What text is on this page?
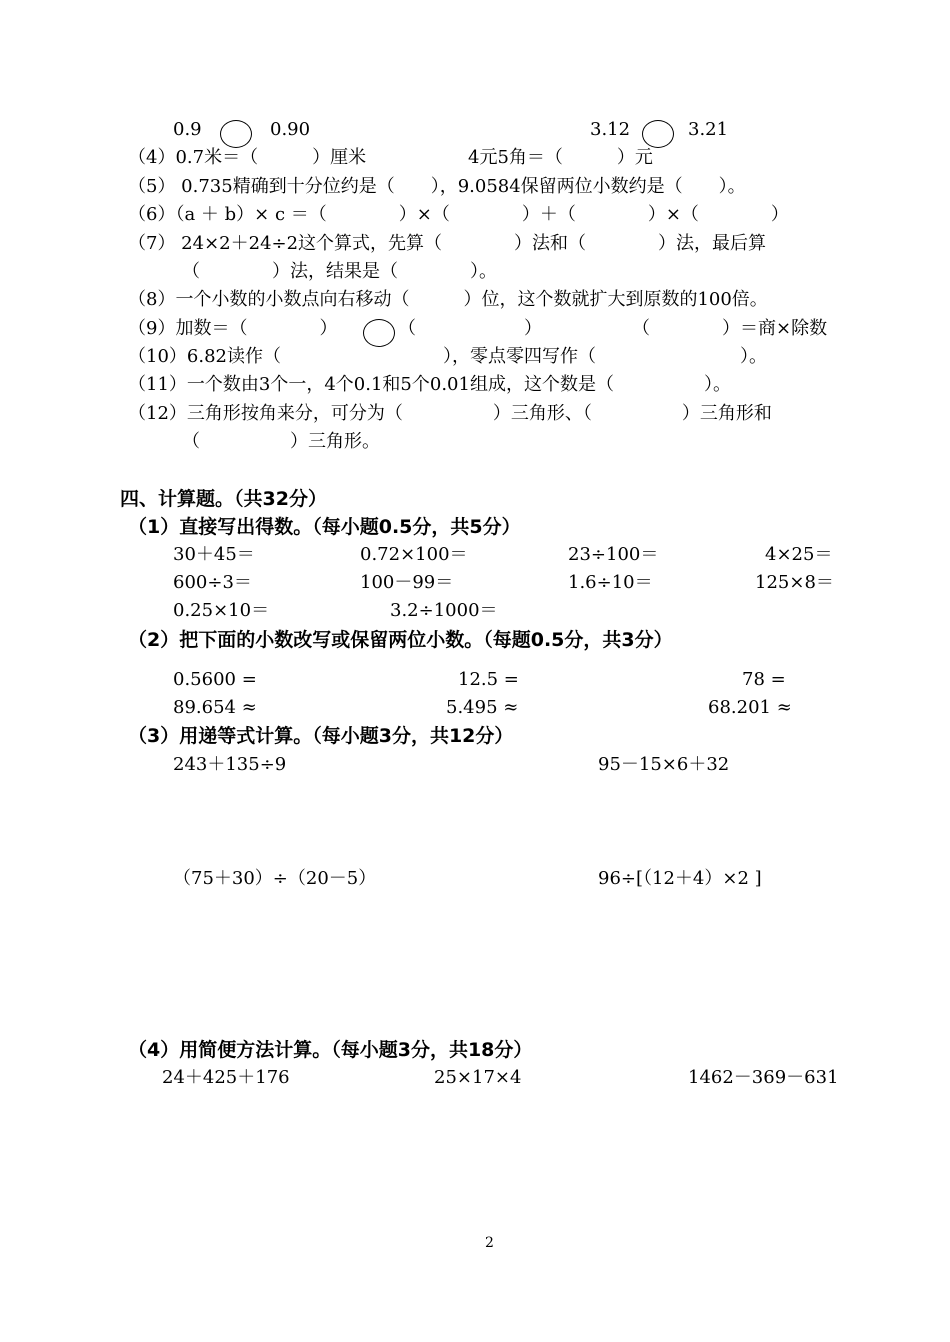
0.9	0.90	3.12	3.21
（4）0.7米＝（　　　）厘米	4元5角＝（　　　）元
（5） 0.735精确到十分位约是（　　），9.0584保留两位小数约是（　　）。
（6）（a ＋ b）× c ＝（　　　　）×（　　　　）＋（　　　　）×（　　　　）
（7） 24×2＋24÷2这个算式，先算（　　　　）法和（　　　　）法，最后算
（　　　　）法，结果是（　　　　）。
（8）一个小数的小数点向右移动（　　　）位，这个数就扩大到原数的100倍。
（9）加数＝（　　　　）	（　　　　　　）	（　　　　）＝商×除数
（10）6.82读作（　　　　　　　　　），零点零四写作（　　　　　　　　）。
（11）一个数由3个一，4个0.1和5个0.01组成，这个数是（　　　　　）。
（12）三角形按角来分，可分为（　　　　　）三角形、（　　　　　）三角形和
（　　　　　）三角形。
四、计算题。（共32分）
（1）直接写出得数。（每小题0.5分，共5分）
30＋45＝	0.72×100＝	23÷100＝	4×25＝
600÷3＝	100－99＝	1.6÷10＝	125×8＝
0.25×10＝	3.2÷1000＝
（2）把下面的小数改写或保留两位小数。（每题0.5分，共3分）
0.5600 =	12.5 =	78 =
89.654 ≈	5.495 ≈	68.201 ≈
（3）用递等式计算。（每小题3分，共12分）
243＋135÷9	95－15×6＋32
（75＋30）÷（20－5）	96÷[（12＋4）×2 ]
（4）用简便方法计算。（每小题3分，共18分）
24＋425＋176	25×17×4	1462－369－631
2
